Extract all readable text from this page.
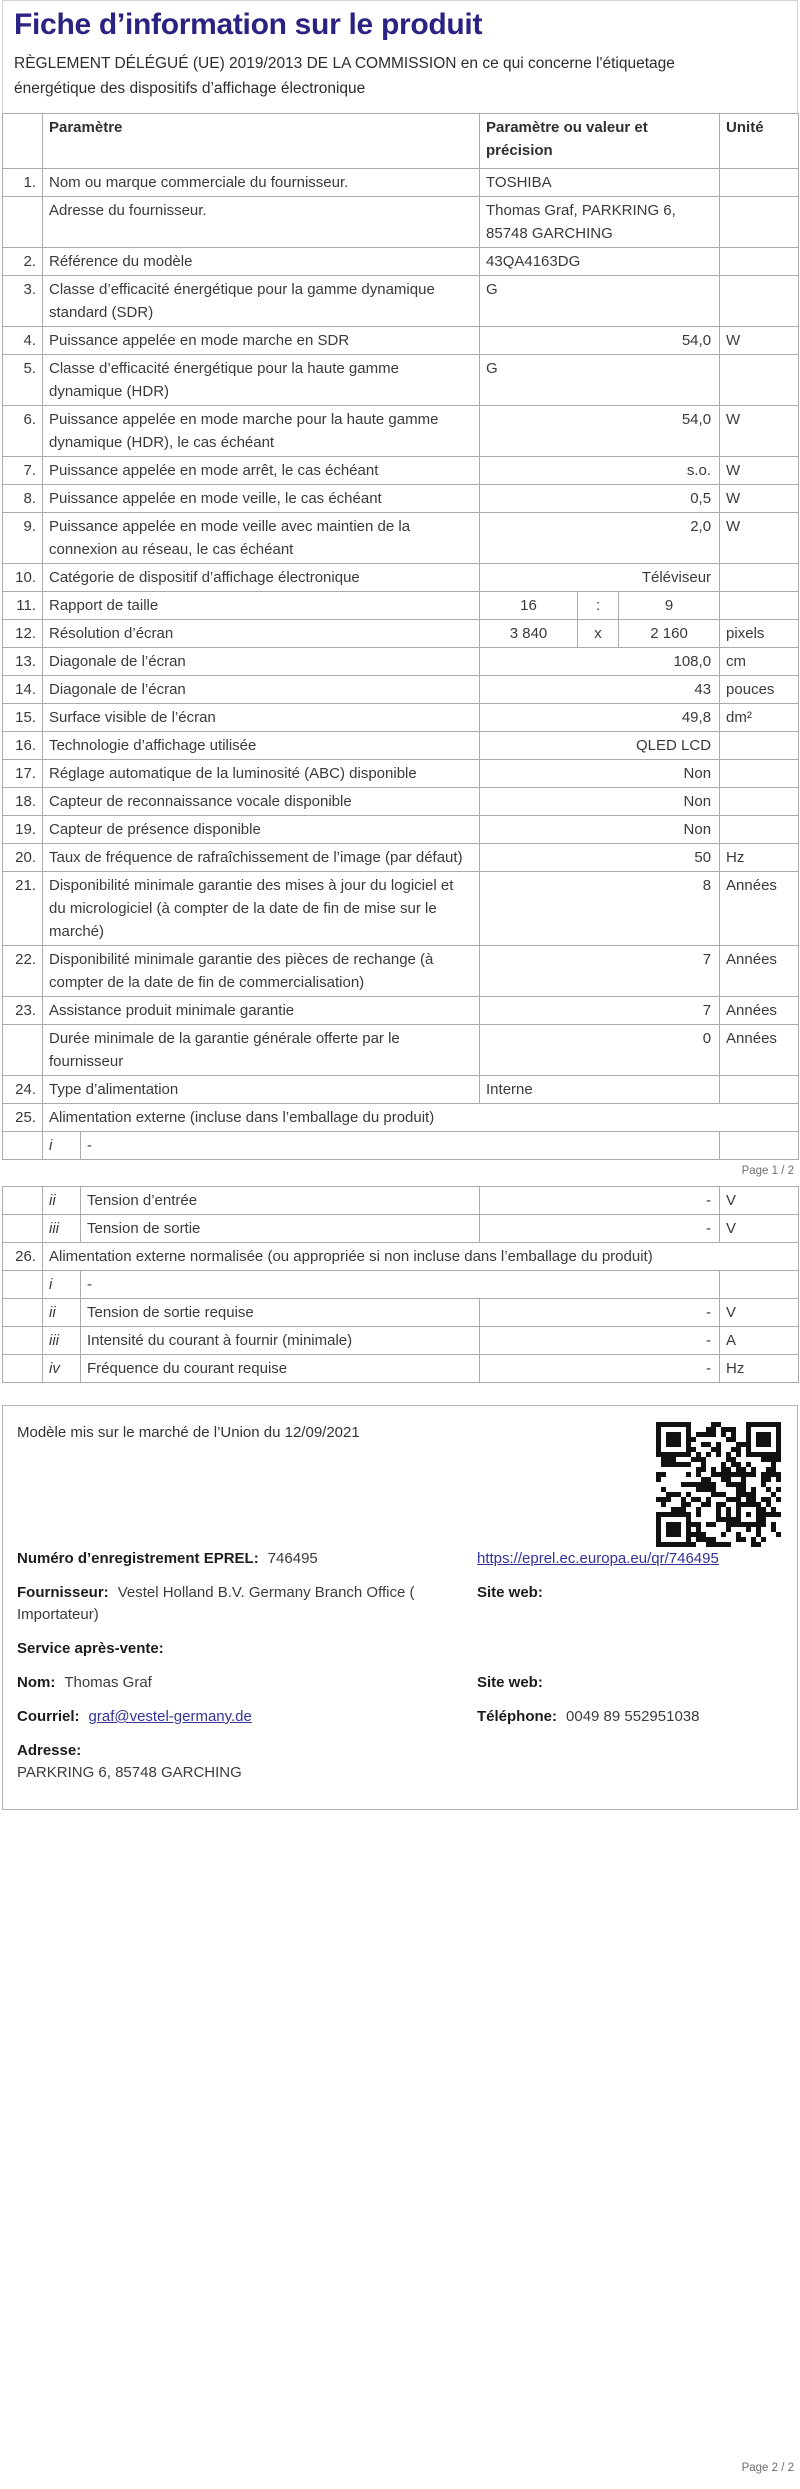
Fiche d’information sur le produit

RÈGLEMENT DÉLÉGUÉ (UE) 2019/2013 DE LA COMMISSION en ce qui concerne l'étiquetage énergétique des dispositifs d’affichage électronique

	Paramètre		Paramètre ou valeur et précision			Unité
1.	Nom ou marque commerciale du fournisseur.		TOSHIBA			
	Adresse du fournisseur.		Thomas Graf, PARKRING 6, 85748 GARCHING			
2.	Référence du modèle		43QA4163DG			
3.	Classe d’efficacité énergétique pour la gamme dynamique standard (SDR)		G			
4.	Puissance appelée en mode marche en SDR		54,0			W
5.	Classe d’efficacité énergétique pour la haute gamme dynamique (HDR)		G			
6.	Puissance appelée en mode marche pour la haute gamme dynamique (HDR), le cas échéant		54,0			W
7.	Puissance appelée en mode arrêt, le cas échéant		s.o.			W
8.	Puissance appelée en mode veille, le cas échéant		0,5			W
9.	Puissance appelée en mode veille avec maintien de la connexion au réseau, le cas échéant		2,0			W
10.	Catégorie de dispositif d’affichage électronique		Téléviseur			
11.	Rapport de taille		16	:	9	
12.	Résolution d’écran		3 840	x	2 160	pixels
13.	Diagonale de l’écran		108,0			cm
14.	Diagonale de l’écran		43			pouces
15.	Surface visible de l’écran		49,8			dm²
16.	Technologie d’affichage utilisée		QLED LCD			
17.	Réglage automatique de la luminosité (ABC) disponible		Non			
18.	Capteur de reconnaissance vocale disponible		Non			
19.	Capteur de présence disponible		Non			
20.	Taux de fréquence de rafraîchissement de l’image (par défaut)		50			Hz
21.	Disponibilité minimale garantie des mises à jour du logiciel et du micrologiciel (à compter de la date de fin de mise sur le marché)		8			Années
22.	Disponibilité minimale garantie des pièces de rechange (à compter de la date de fin de commercialisation)		7			Années
23.	Assistance produit minimale garantie		7			Années
	Durée minimale de la garantie générale offerte par le fournisseur		0			Années
24.	Type d’alimentation		Interne			
25.	Alimentation externe (incluse dans l’emballage du produit)					
	i	-				
Page 1 / 2
	ii	Tension d’entrée	-	V
	iii	Tension de sortie	-	V
26.	Alimentation externe normalisée (ou appropriée si non incluse dans l’emballage du produit)			
	i	-		
	ii	Tension de sortie requise	-	V
	iii	Intensité du courant à fournir (minimale)	-	A
	iv	Fréquence du courant requise	-	Hz
Modèle mis sur le marché de l’Union du 12/09/2021
Numéro d’enregistrement EPREL: 746495	https://eprel.ec.europa.eu/qr/746495
Fournisseur: Vestel Holland B.V. Germany Branch Office ( Importateur)
Site web:
Service après-vente:
Nom: Thomas Graf	Site web:
Courriel: graf@vestel-germany.de	Téléphone: 0049 89 552951038
Adresse:
PARKRING 6, 85748 GARCHING
Page 2 / 2
